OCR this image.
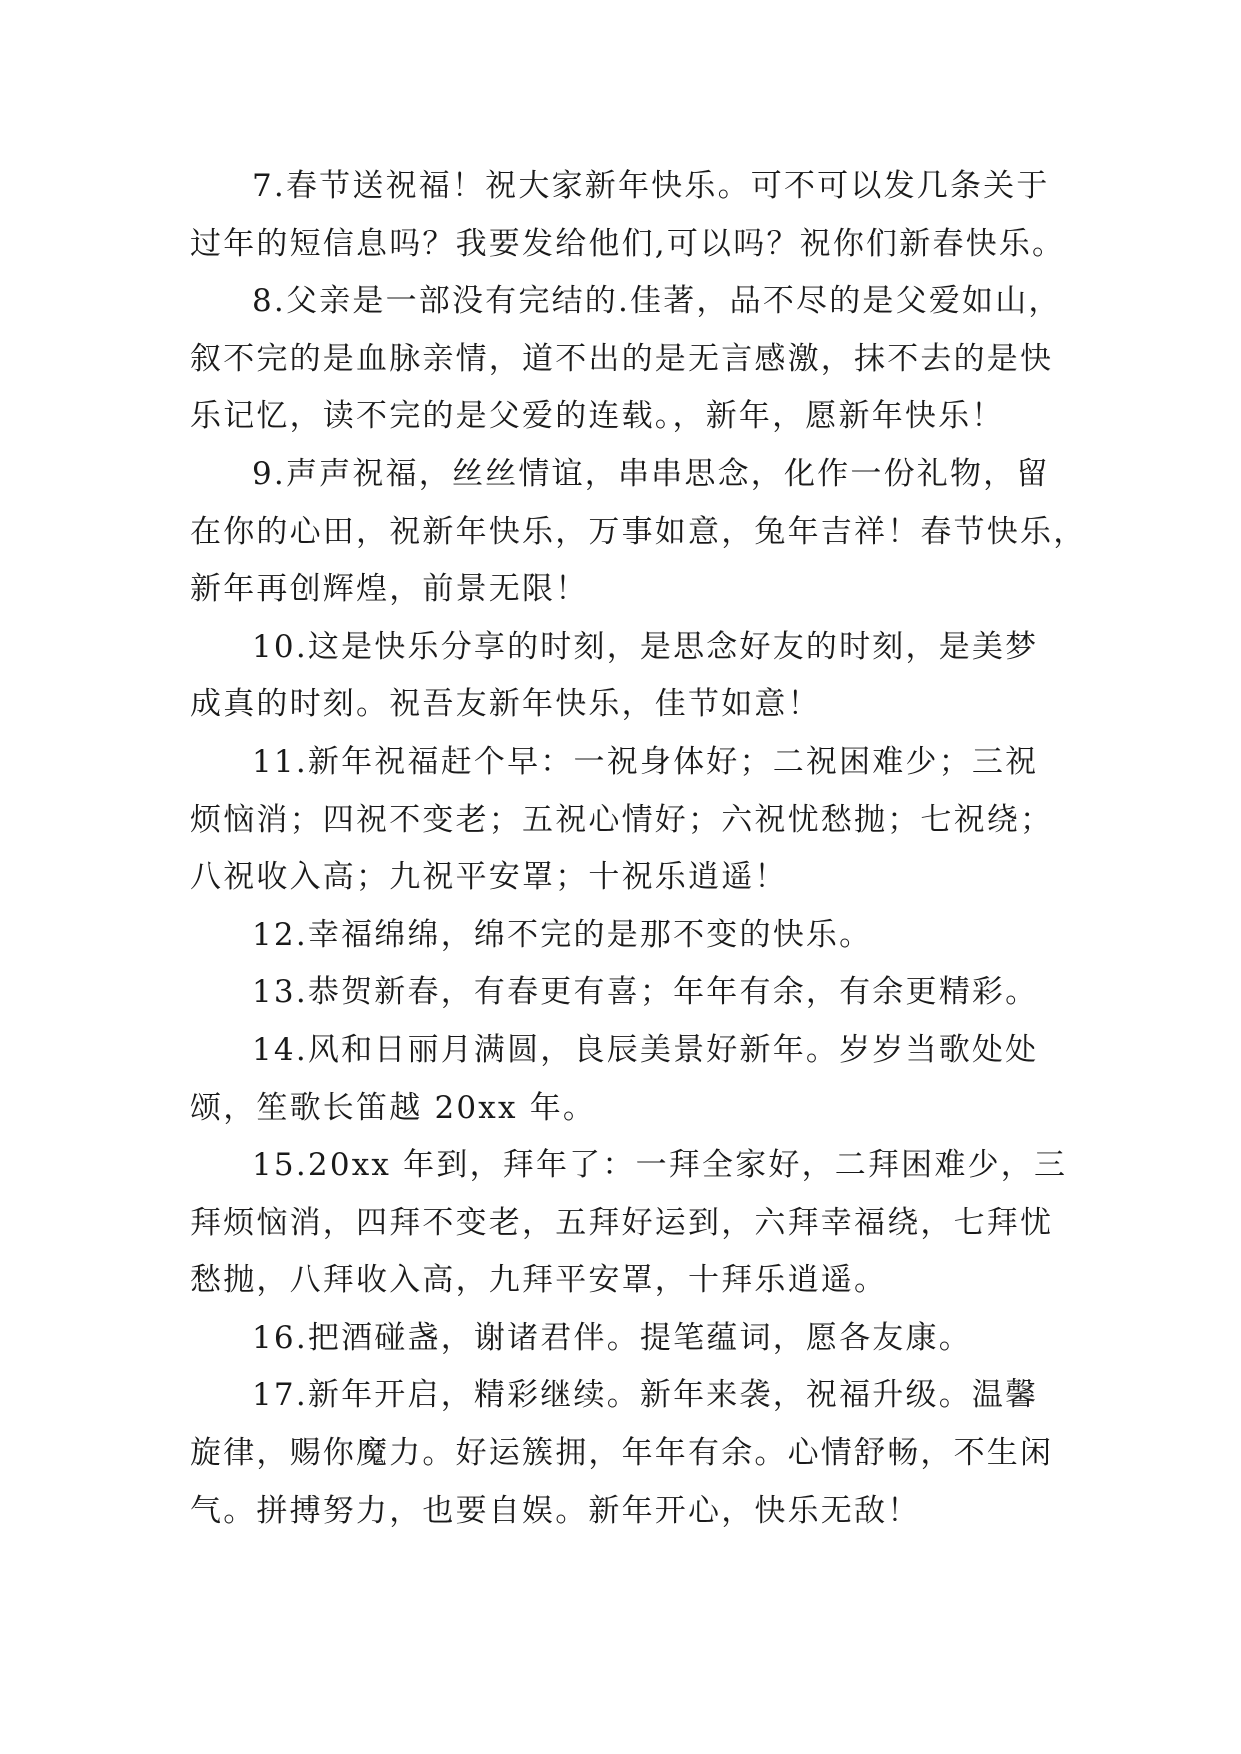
7.春节送祝福！祝大家新年快乐。可不可以发几条关于
过年的短信息吗？我要发给他们,可以吗？祝你们新春快乐。
8.父亲是一部没有完结的.佳著，品不尽的是父爱如山，
叙不完的是血脉亲情，道不出的是无言感激，抹不去的是快
乐记忆，读不完的是父爱的连载。，新年，愿新年快乐！
9.声声祝福，丝丝情谊，串串思念，化作一份礼物，留
在你的心田，祝新年快乐，万事如意，兔年吉祥！春节快乐，
新年再创辉煌，前景无限！
10.这是快乐分享的时刻，是思念好友的时刻，是美梦
成真的时刻。祝吾友新年快乐，佳节如意！
11.新年祝福赶个早：一祝身体好；二祝困难少；三祝
烦恼消；四祝不变老；五祝心情好；六祝忧愁抛；七祝绕；
八祝收入高；九祝平安罩；十祝乐逍遥！
12.幸福绵绵，绵不完的是那不变的快乐。
13.恭贺新春，有春更有喜；年年有余，有余更精彩。
14.风和日丽月满圆，良辰美景好新年。岁岁当歌处处
颂，笙歌长笛越 20xx 年。
15.20xx 年到，拜年了：一拜全家好，二拜困难少，三
拜烦恼消，四拜不变老，五拜好运到，六拜幸福绕，七拜忧
愁抛，八拜收入高，九拜平安罩，十拜乐逍遥。
16.把酒碰盏，谢诸君伴。提笔蕴词，愿各友康。
17.新年开启，精彩继续。新年来袭，祝福升级。温馨
旋律，赐你魔力。好运簇拥，年年有余。心情舒畅，不生闲
气。拼搏努力，也要自娱。新年开心，快乐无敌！
